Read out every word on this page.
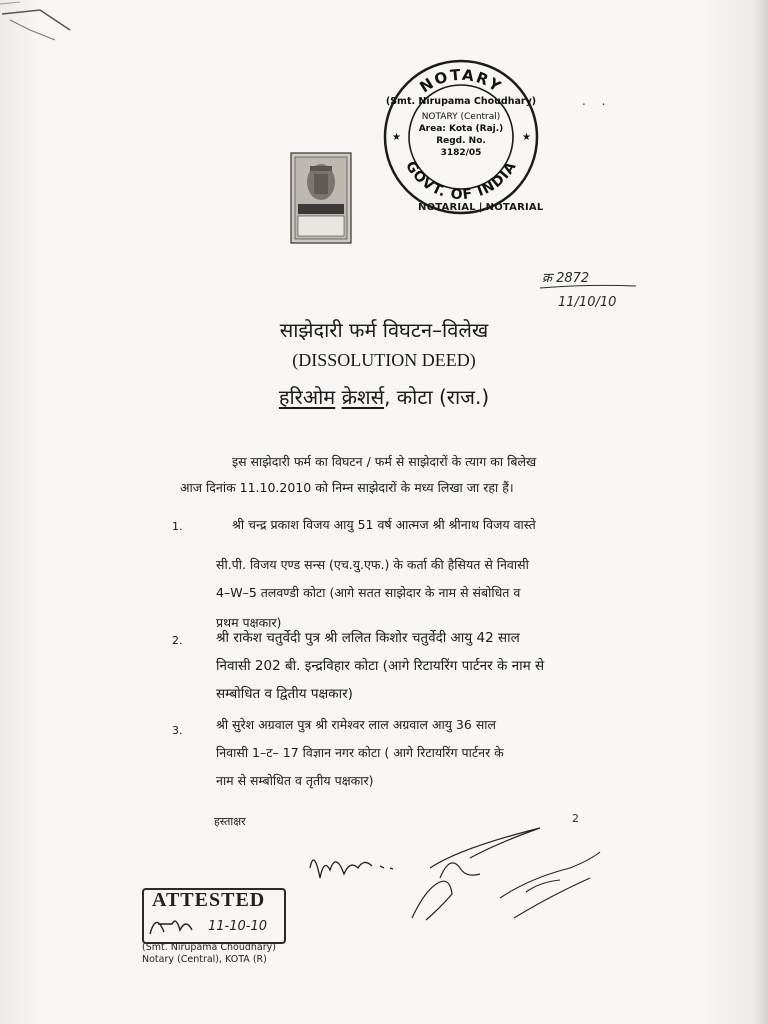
NOTARY
GOVT. OF INDIA
★	★
(Smt. Nirupama Choudhary)
NOTARY (Central)
Area: Kota (Raj.)
Regd. No.
3182/05
NOTARIAL | NOTARIAL
. .
क्र 2872
11/10/10
साझेदारी फर्म विघटन–विलेख
(DISSOLUTION DEED)
हरिओम क्रेशर्स, कोटा (राज.)
इस साझेदारी फर्म का विघटन / फर्म से साझेदारों के त्याग का बिलेख
आज दिनांक 11.10.2010 को निम्न साझेदारों के मध्य लिखा जा रहा हैं।
1.	श्री चन्द्र प्रकाश विजय आयु 51 वर्ष आत्मज श्री श्रीनाथ विजय वास्ते
सी.पी. विजय एण्ड सन्स (एच.यु.एफ.) के कर्ता की हैसियत से निवासी
4–W–5 तलवण्डी कोटा (आगे सतत साझेदार के नाम से संबोधित व
प्रथम पक्षकार)
2. श्री राकेश चतुर्वेदी पुत्र श्री ललित किशोर चतुर्वेदी आयु 42 साल
निवासी 202 बी. इन्द्रविहार कोटा (आगे रिटायरिंग पार्टनर के नाम से
सम्बोधित व द्वितीय पक्षकार)
3.	श्री सुरेश अग्रवाल पुत्र श्री रामेश्वर लाल अग्रवाल आयु 36 साल
निवासी 1–ट– 17 विज्ञान नगर कोटा ( आगे रिटायरिंग पार्टनर के
नाम से सम्बोधित व तृतीय पक्षकार)
हस्ताक्षर	2
ATTESTED
11-10-10
(Smt. Nirupama Choudhary)
Notary (Central), KOTA (R)
